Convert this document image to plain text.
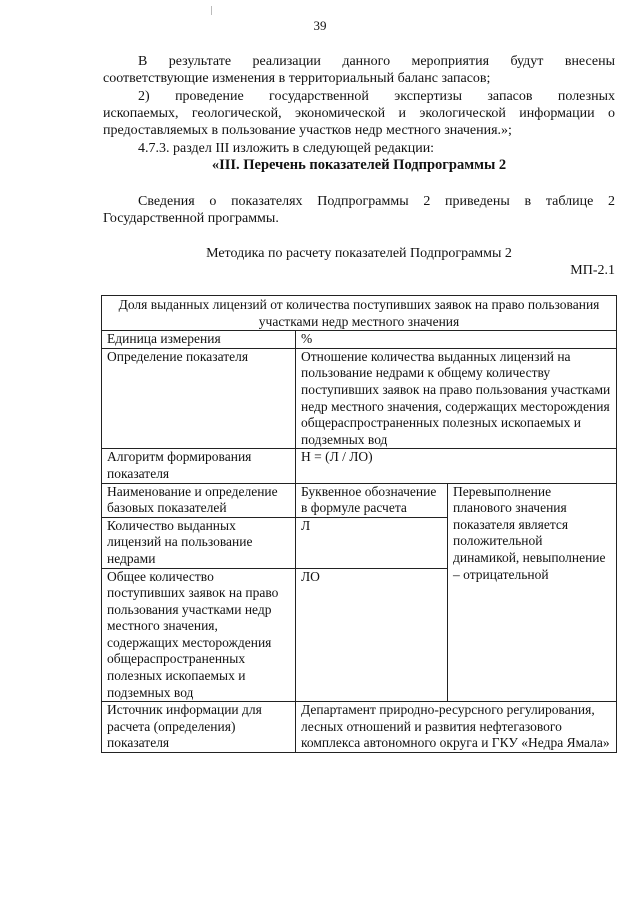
39
В результате реализации данного мероприятия будут внесены
соответствующие изменения в территориальный баланс запасов;
2) проведение государственной экспертизы запасов полезных
ископаемых, геологической, экономической и экологической информации о
предоставляемых в пользование участков недр местного значения.»;
4.7.3. раздел III изложить в следующей редакции:
«III. Перечень показателей Подпрограммы 2
Сведения о показателях Подпрограммы 2 приведены в таблице 2
Государственной программы.
Методика по расчету показателей Подпрограммы 2
МП-2.1
Доля выданных лицензий от количества поступивших заявок на право пользования участками недр местного значения		
Единица измерения	%	
Определение показателя	Отношение количества выданных лицензий на пользование недрами к общему количеству поступивших заявок на право пользования участками недр местного значения, содержащих месторождения общераспространенных полезных ископаемых и подземных вод	
Алгоритм формирования показателя	Н = (Л / ЛО)	
Наименование и определение базовых показателей	Буквенное обозначение в формуле расчета	Перевыполнение планового значения показателя является положительной динамикой, невыполнение – отрицательной
Количество выданных лицензий на пользование недрами	Л	
Общее количество поступивших заявок на право пользования участками недр местного значения, содержащих месторождения общераспространенных полезных ископаемых и подземных вод	ЛО	
Источник информации для расчета (определения) показателя	Департамент природно-ресурсного регулирования, лесных отношений и развития нефтегазового комплекса автономного округа и ГКУ «Недра Ямала»	
